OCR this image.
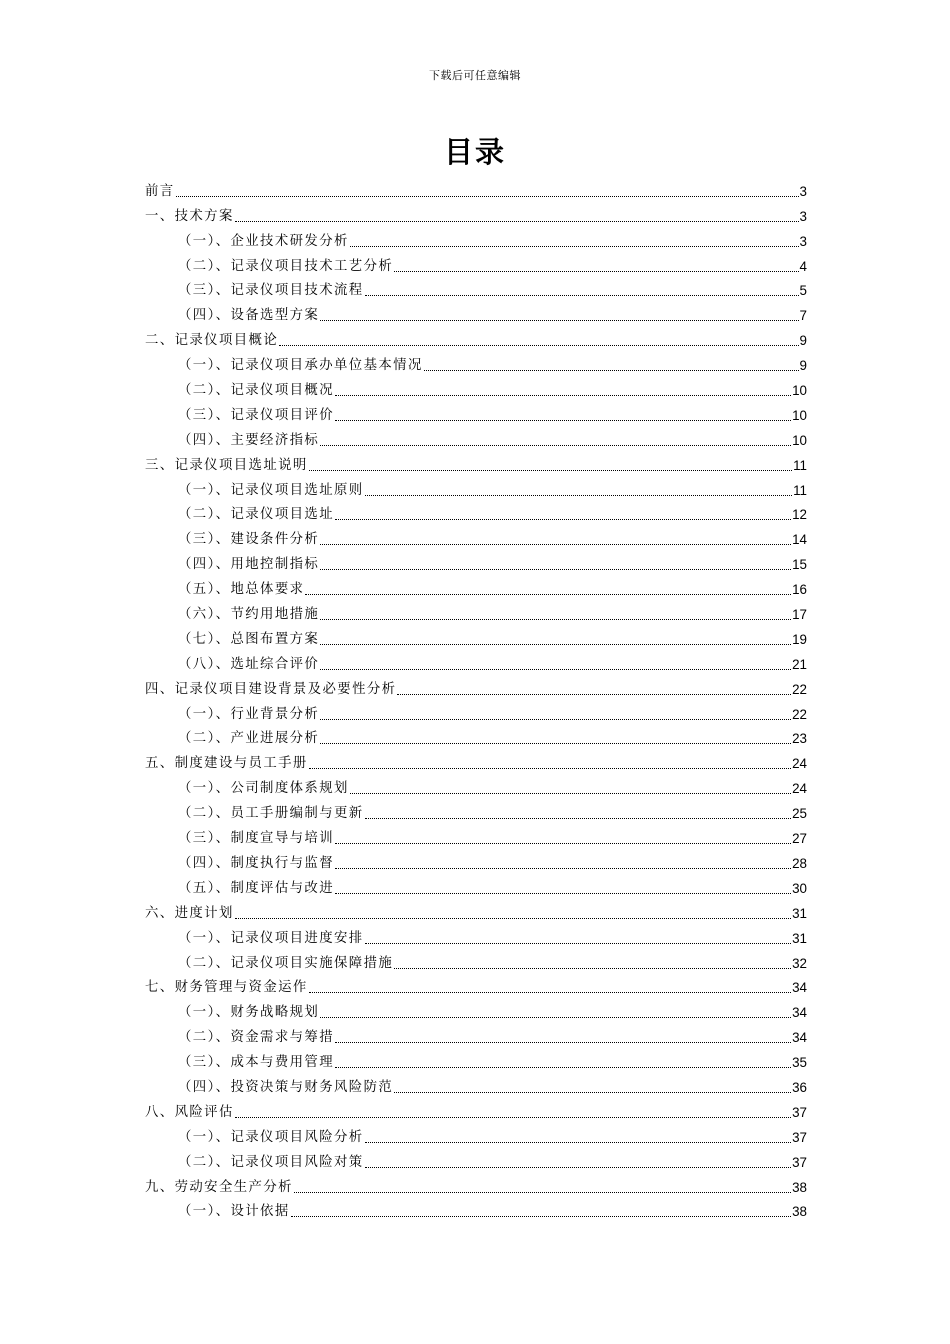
下载后可任意编辑
目录
前言	3
一、技术方案	3
（一）、企业技术研发分析	3
（二）、记录仪项目技术工艺分析	4
（三）、记录仪项目技术流程	5
（四）、设备选型方案	7
二、记录仪项目概论	9
（一）、记录仪项目承办单位基本情况	9
（二）、记录仪项目概况	10
（三）、记录仪项目评价	10
（四）、主要经济指标	10
三、记录仪项目选址说明	11
（一）、记录仪项目选址原则	11
（二）、记录仪项目选址	12
（三）、建设条件分析	14
（四）、用地控制指标	15
（五）、地总体要求	16
（六）、节约用地措施	17
（七）、总图布置方案	19
（八）、选址综合评价	21
四、记录仪项目建设背景及必要性分析	22
（一）、行业背景分析	22
（二）、产业进展分析	23
五、制度建设与员工手册	24
（一）、公司制度体系规划	24
（二）、员工手册编制与更新	25
（三）、制度宣导与培训	27
（四）、制度执行与监督	28
（五）、制度评估与改进	30
六、进度计划	31
（一）、记录仪项目进度安排	31
（二）、记录仪项目实施保障措施	32
七、财务管理与资金运作	34
（一）、财务战略规划	34
（二）、资金需求与筹措	34
（三）、成本与费用管理	35
（四）、投资决策与财务风险防范	36
八、风险评估	37
（一）、记录仪项目风险分析	37
（二）、记录仪项目风险对策	37
九、劳动安全生产分析	38
（一）、设计依据	38
